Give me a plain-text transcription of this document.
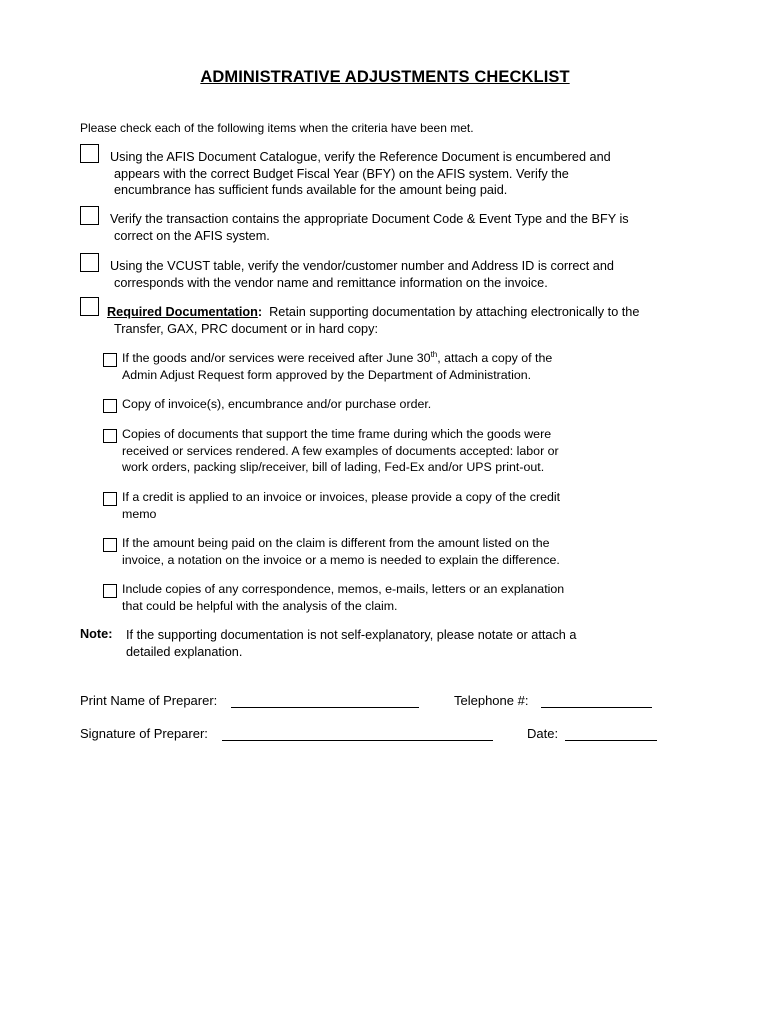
ADMINISTRATIVE ADJUSTMENTS CHECKLIST
Please check each of the following items when the criteria have been met.
Using the AFIS Document Catalogue, verify the Reference Document is encumbered and
appears with the correct Budget Fiscal Year (BFY) on the AFIS system. Verify the
encumbrance has sufficient funds available for the amount being paid.
Verify the transaction contains the appropriate Document Code & Event Type and the BFY is
correct on the AFIS system.
Using the VCUST table, verify the vendor/customer number and Address ID is correct and
corresponds with the vendor name and remittance information on the invoice.
Required Documentation:  Retain supporting documentation by attaching electronically to the
Transfer, GAX, PRC document or in hard copy:
If the goods and/or services were received after June 30th, attach a copy of the
Admin Adjust Request form approved by the Department of Administration.
Copy of invoice(s), encumbrance and/or purchase order.
Copies of documents that support the time frame during which the goods were
received or services rendered. A few examples of documents accepted: labor or
work orders, packing slip/receiver, bill of lading, Fed-Ex and/or UPS print-out.
If a credit is applied to an invoice or invoices, please provide a copy of the credit
memo
If the amount being paid on the claim is different from the amount listed on the
invoice, a notation on the invoice or a memo is needed to explain the difference.
Include copies of any correspondence, memos, e-mails, letters or an explanation
that could be helpful with the analysis of the claim.
Note: If the supporting documentation is not self-explanatory, please notate or attach a
detailed explanation.
Print Name of Preparer:	Telephone #:
Signature of Preparer:	Date:
